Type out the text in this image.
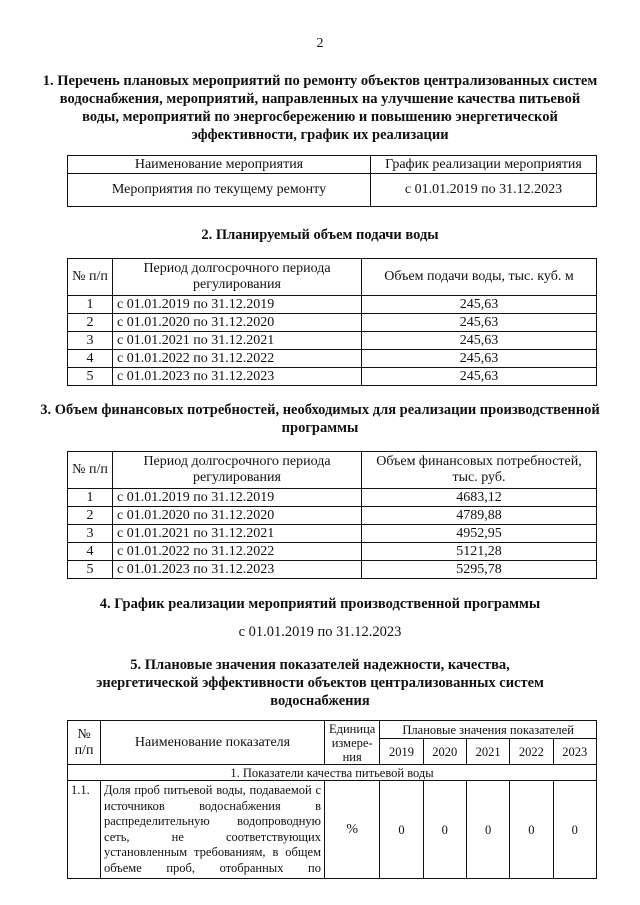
2
1. Перечень плановых мероприятий по ремонту объектов централизованных систем водоснабжения, мероприятий, направленных на улучшение качества питьевой воды, мероприятий по энергосбережению и повышению энергетической эффективности, график их реализации
Наименование мероприятия	График реализации мероприятия
Мероприятия по текущему ремонту	с 01.01.2019 по 31.12.2023
2. Планируемый объем подачи воды
№ п/п	Период долгосрочного периода регулирования	Объем подачи воды, тыс. куб. м
1	с 01.01.2019 по 31.12.2019	245,63
2	с 01.01.2020 по 31.12.2020	245,63
3	с 01.01.2021 по 31.12.2021	245,63
4	с 01.01.2022 по 31.12.2022	245,63
5	с 01.01.2023 по 31.12.2023	245,63
3. Объем финансовых потребностей, необходимых для реализации производственной программы
№ п/п	Период долгосрочного периода регулирования	Объем финансовых потребностей, тыс. руб.
1	с 01.01.2019 по 31.12.2019	4683,12
2	с 01.01.2020 по 31.12.2020	4789,88
3	с 01.01.2021 по 31.12.2021	4952,95
4	с 01.01.2022 по 31.12.2022	5121,28
5	с 01.01.2023 по 31.12.2023	5295,78
4. График реализации мероприятий производственной программы
с 01.01.2019 по 31.12.2023
5. Плановые значения показателей надежности, качества, энергетической эффективности объектов централизованных систем водоснабжения
№ п/п	Наименование показателя	Единица измере-ния	Плановые значения показателей				
			2019	2020	2021	2022	2023
1. Показатели качества питьевой воды							
1.1.	Доля проб питьевой воды, подаваемой с источников водоснабжения в распределительную водопроводную сеть, не соответствующих установленным требованиям, в общем объеме проб, отобранных по	%	0	0	0	0	0
